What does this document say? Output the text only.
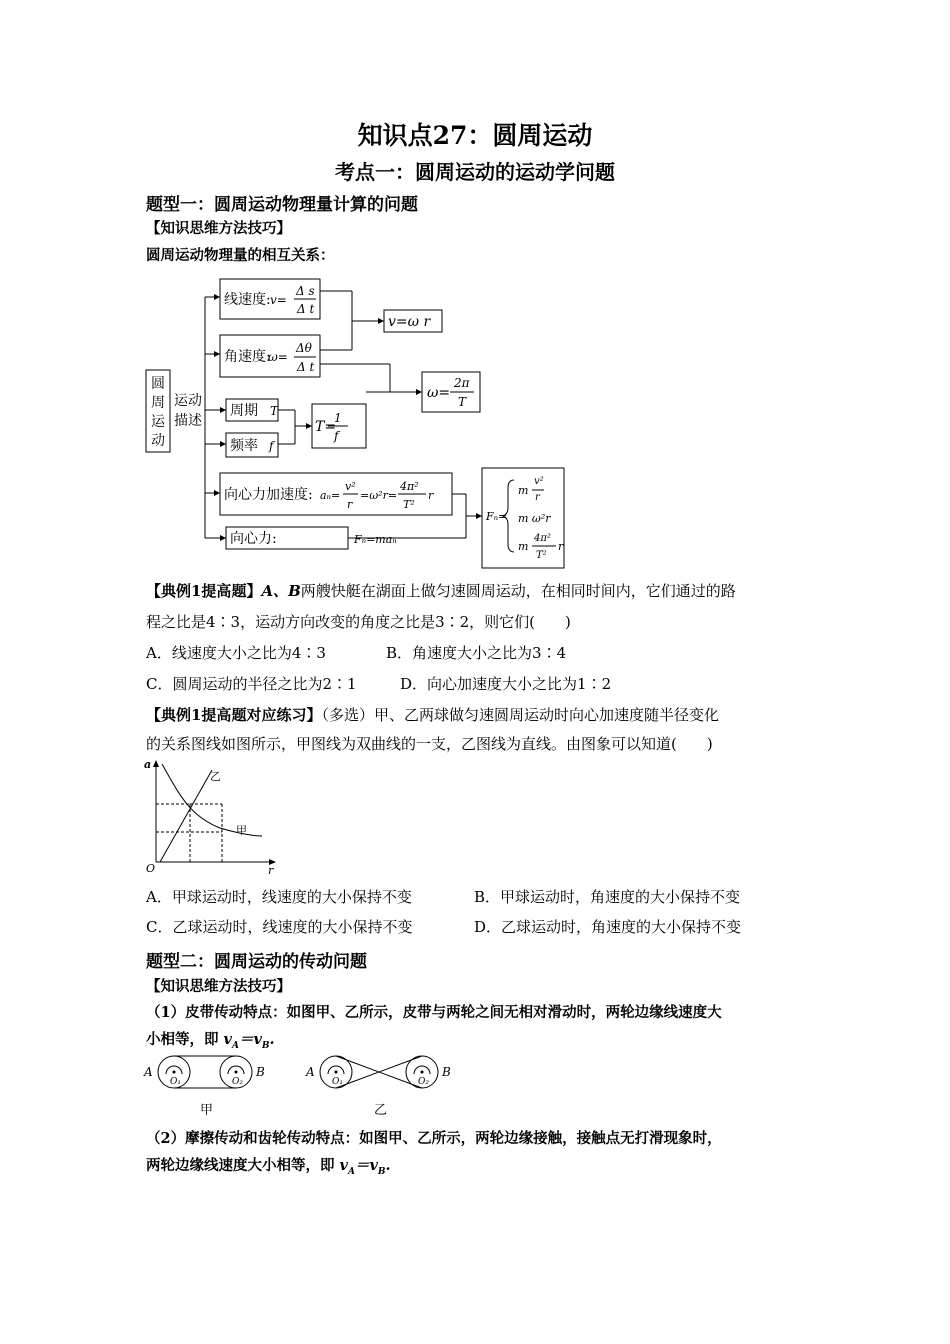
知识点27：圆周运动
考点一：圆周运动的运动学问题
题型一：圆周运动物理量计算的问题
【知识思维方法技巧】
圆周运动物理量的相互关系：
圆
周
运
动
运动
描述
线速度:
角速度:
周期
频率
向心力加速度:
向心力:
v=ω r
ω=
T=
v=
Δ s
Δ t
ω=
Δθ
Δ t
T
f
1
f
2π
T
aₙ=
v²
r
=ω²r=
4π²
T²
r
Fₙ=maₙ
Fₙ=
m
v²
r
m ω²r
m
4π²
T²
r
【典例1提高题】A、B两艘快艇在湖面上做匀速圆周运动，在相同时间内，它们通过的路
程之比是4∶3，运动方向改变的角度之比是3∶2，则它们(　　)
A．线速度大小之比为4∶3	B．角速度大小之比为3∶4
C．圆周运动的半径之比为2∶1	D．向心加速度大小之比为1∶2
【典例1提高题对应练习】（多选）甲、乙两球做匀速圆周运动时向心加速度随半径变化
的关系图线如图所示，甲图线为双曲线的一支，乙图线为直线。由图象可以知道(　　)
a
r
O
甲
乙
A．甲球运动时，线速度的大小保持不变	B．甲球运动时，角速度的大小保持不变
C．乙球运动时，线速度的大小保持不变	D．乙球运动时，角速度的大小保持不变
题型二：圆周运动的传动问题
【知识思维方法技巧】
（1）皮带传动特点：如图甲、乙所示，皮带与两轮之间无相对滑动时，两轮边缘线速度大
小相等，即 $v_A=v_B$.
A	B	A	B
O₁	O₂	O₁	O₂
甲	乙
（2）摩擦传动和齿轮传动特点：如图甲、乙所示，两轮边缘接触，接触点无打滑现象时，
两轮边缘线速度大小相等，即 $v_A=v_B$.
